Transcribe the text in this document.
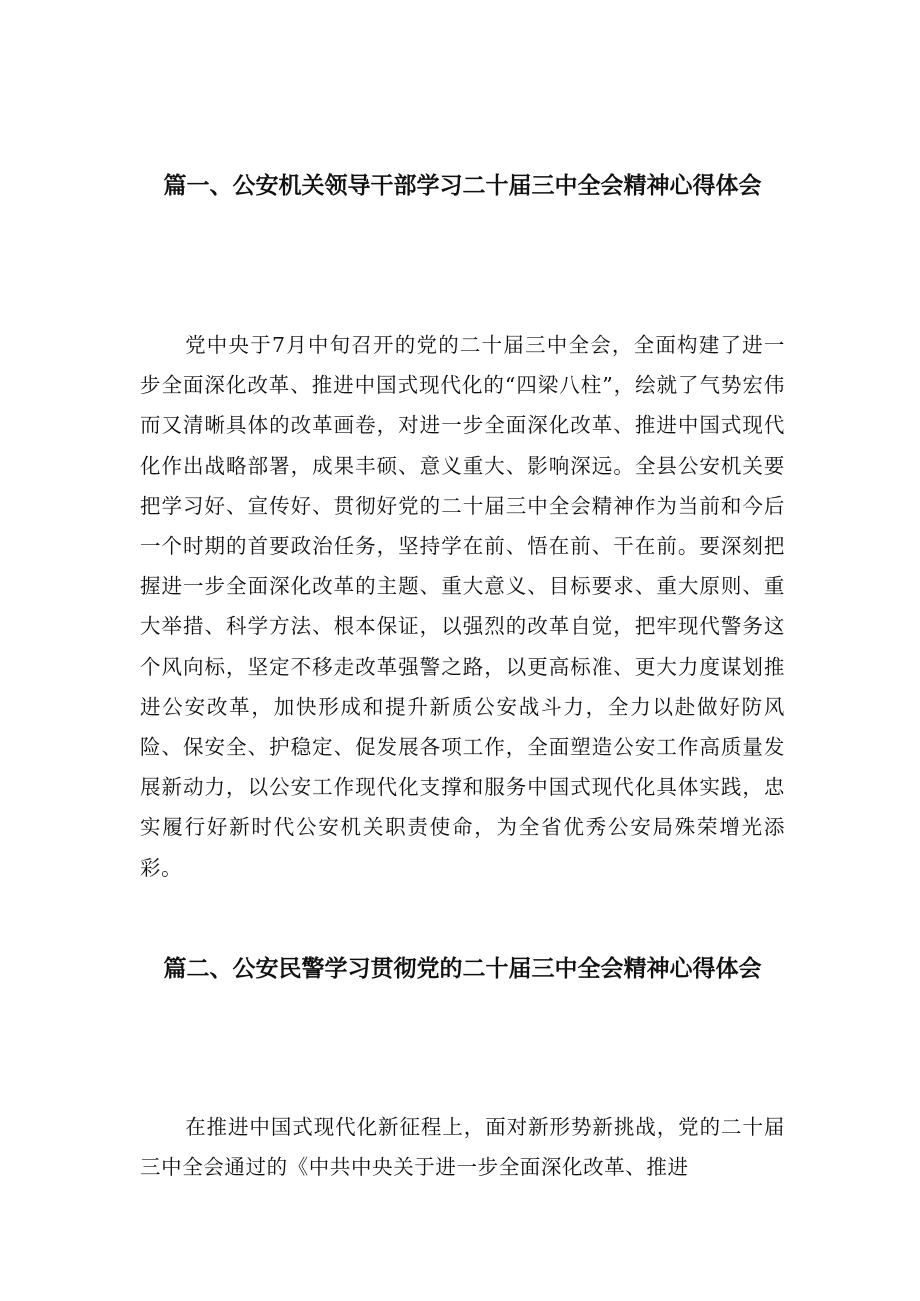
篇一、公安机关领导干部学习二十届三中全会精神心得体会

党中央于7月中旬召开的党的二十届三中全会，全面构建了进一步全面深化改革、推进中国式现代化的“四梁八柱”，绘就了气势宏伟而又清晰具体的改革画卷，对进一步全面深化改革、推进中国式现代化作出战略部署，成果丰硕、意义重大、影响深远。全县公安机关要把学习好、宣传好、贯彻好党的二十届三中全会精神作为当前和今后一个时期的首要政治任务，坚持学在前、悟在前、干在前。要深刻把握进一步全面深化改革的主题、重大意义、目标要求、重大原则、重大举措、科学方法、根本保证，以强烈的改革自觉，把牢现代警务这个风向标，坚定不移走改革强警之路，以更高标准、更大力度谋划推进公安改革，加快形成和提升新质公安战斗力，全力以赴做好防风险、保安全、护稳定、促发展各项工作，全面塑造公安工作高质量发展新动力，以公安工作现代化支撑和服务中国式现代化具体实践，忠实履行好新时代公安机关职责使命，为全省优秀公安局殊荣增光添彩。

篇二、公安民警学习贯彻党的二十届三中全会精神心得体会

在推进中国式现代化新征程上，面对新形势新挑战，党的二十届三中全会通过的《中共中央关于进一步全面深化改革、推进
